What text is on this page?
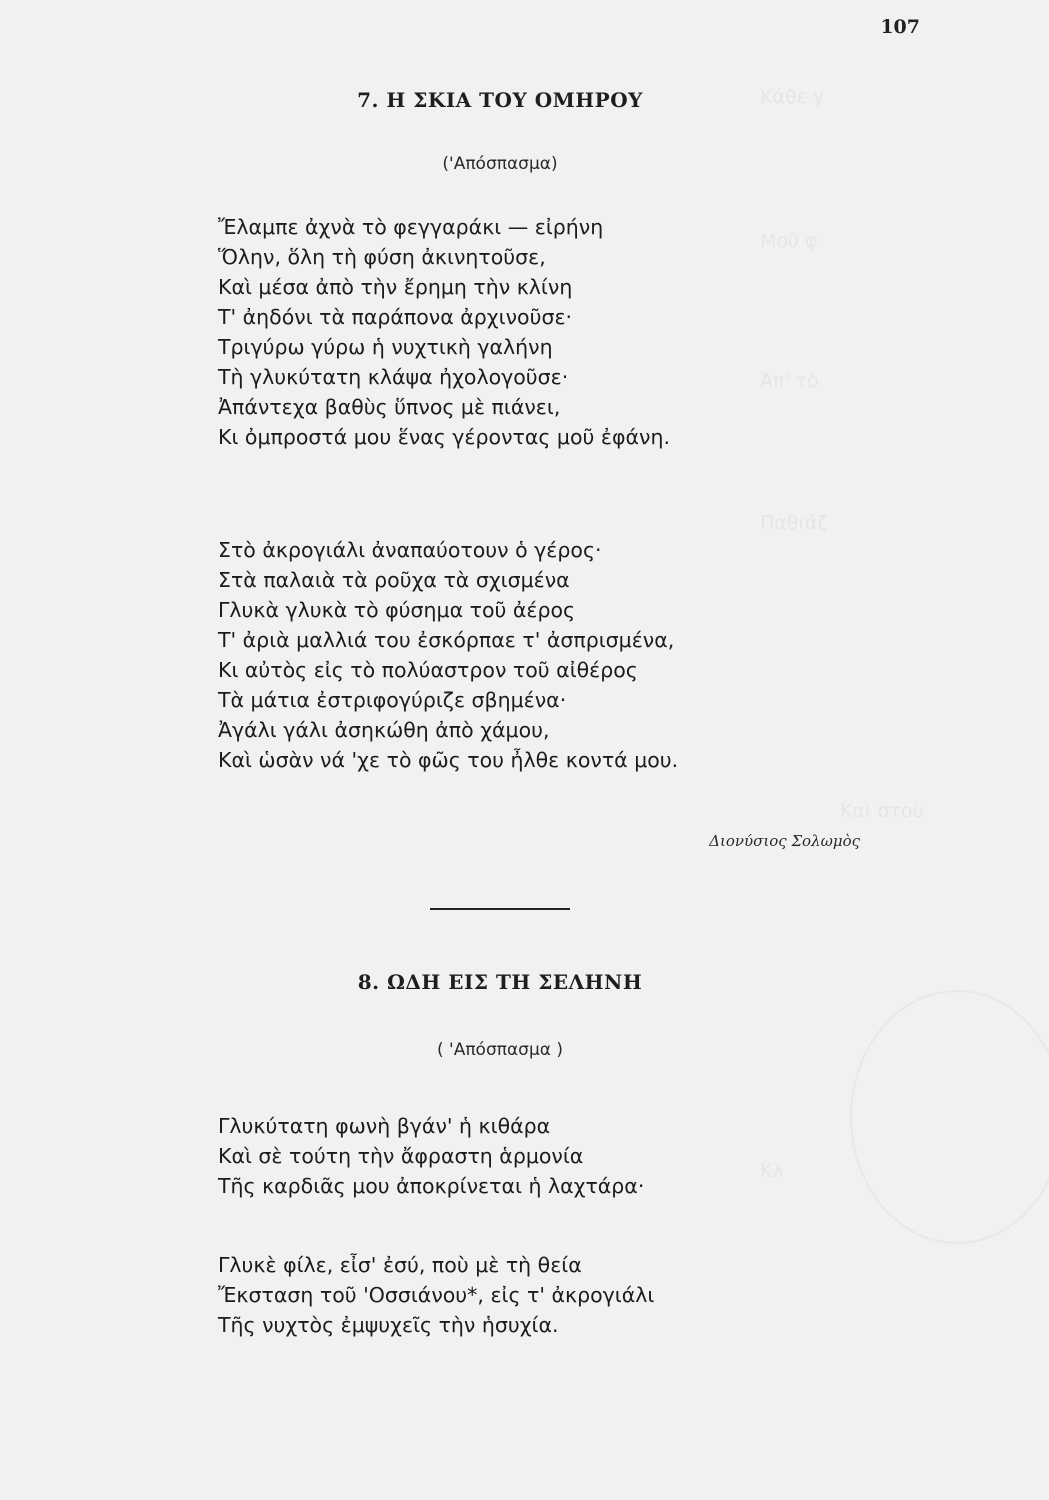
107
7. Η ΣΚΙΑ ΤΟΥ ΟΜΗΡΟΥ
('Απόσπασμα)
Ἔλαμπε ἀχνὰ τὸ φεγγαράκι — εἰρήνη
Ὅλην, ὅλη τὴ φύση ἀκινητοῦσε,
Καὶ μέσα ἀπὸ τὴν ἔρημη τὴν κλίνη
Τ' ἀηδόνι τὰ παράπονα ἀρχινοῦσε·
Τριγύρω γύρω ἡ νυχτικὴ γαλήνη
Τὴ γλυκύτατη κλάψα ἠχολογοῦσε·
Ἀπάντεχα βαθὺς ὕπνος μὲ πιάνει,
Κι ὀμπροστά μου ἕνας γέροντας μοῦ ἐφάνη.
Στὸ ἀκρογιάλι ἀναπαύοτουν ὁ γέρος·
Στὰ παλαιὰ τὰ ροῦχα τὰ σχισμένα
Γλυκὰ γλυκὰ τὸ φύσημα τοῦ ἀέρος
Τ' ἀριὰ μαλλιά του ἐσκόρπαε τ' ἀσπρισμένα,
Κι αὐτὸς εἰς τὸ πολύαστρον τοῦ αἰθέρος
Τὰ μάτια ἐστριφογύριζε σβημένα·
Ἀγάλι γάλι ἀσηκώθη ἀπὸ χάμου,
Καὶ ὡσὰν νά 'χε τὸ φῶς του ἦλθε κοντά μου.
Διονύσιος Σολωμὸς
8. ΩΔΗ ΕΙΣ ΤΗ ΣΕΛΗΝΗ
( 'Απόσπασμα )
Γλυκύτατη φωνὴ βγάν' ἡ κιθάρα
Καὶ σὲ τούτη τὴν ἄφραστη ἁρμονία
Τῆς καρδιᾶς μου ἀποκρίνεται ἡ λαχτάρα·
Γλυκὲ φίλε, εἶσ' ἐσύ, ποὺ μὲ τὴ θεία
Ἔκσταση τοῦ 'Οσσιάνου*, εἰς τ' ἀκρογιάλι
Τῆς νυχτὸς ἐμψυχεῖς τὴν ἡσυχία.
